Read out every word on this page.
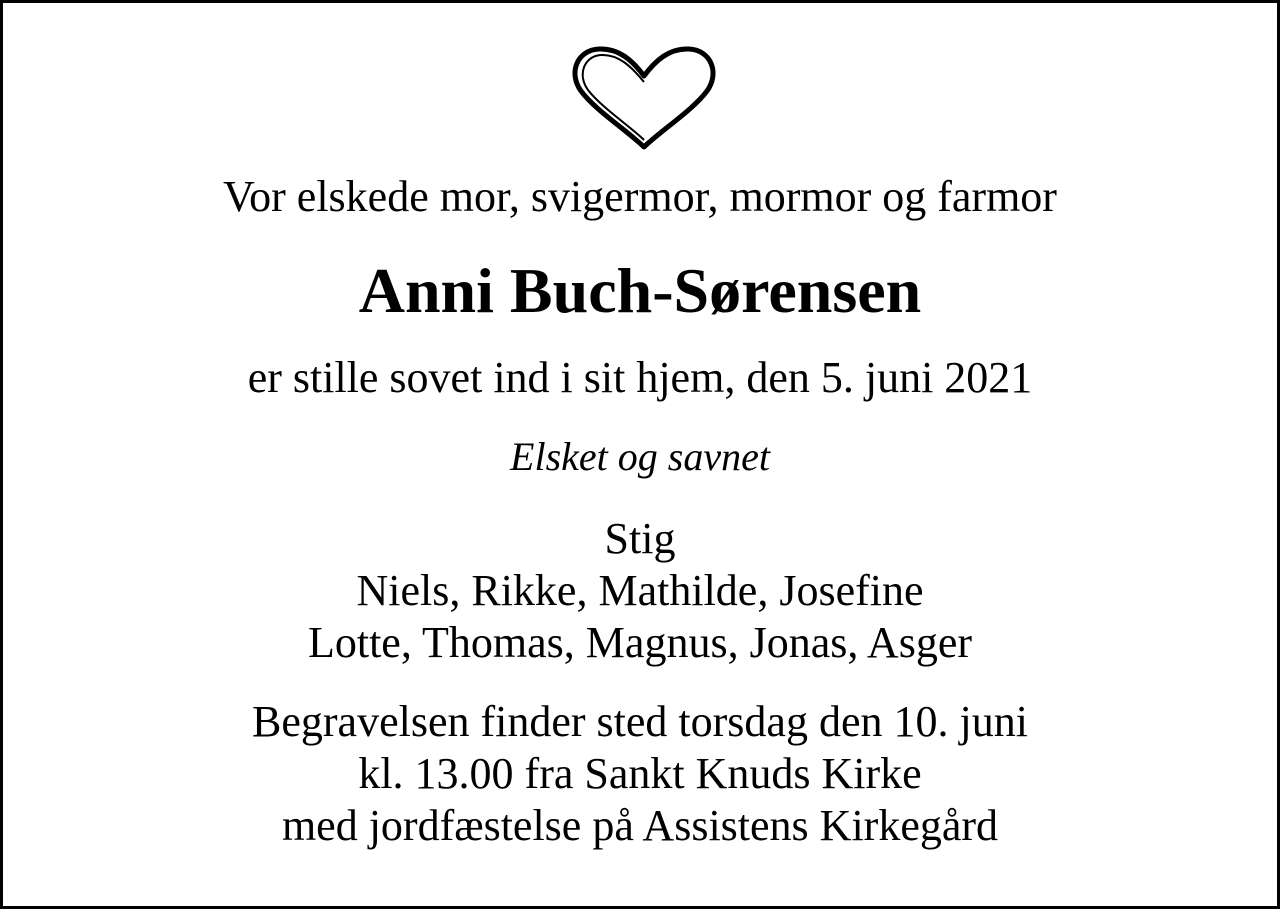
Vor elskede mor, svigermor, mormor og farmor

Anni Buch-Sørensen

er stille sovet ind i sit hjem, den 5. juni 2021

Elsket og savnet

Stig
Niels, Rikke, Mathilde, Josefine
Lotte, Thomas, Magnus, Jonas, Asger
Begravelsen finder sted torsdag den 10. juni
kl. 13.00 fra Sankt Knuds Kirke
med jordfæstelse på Assistens Kirkegård
